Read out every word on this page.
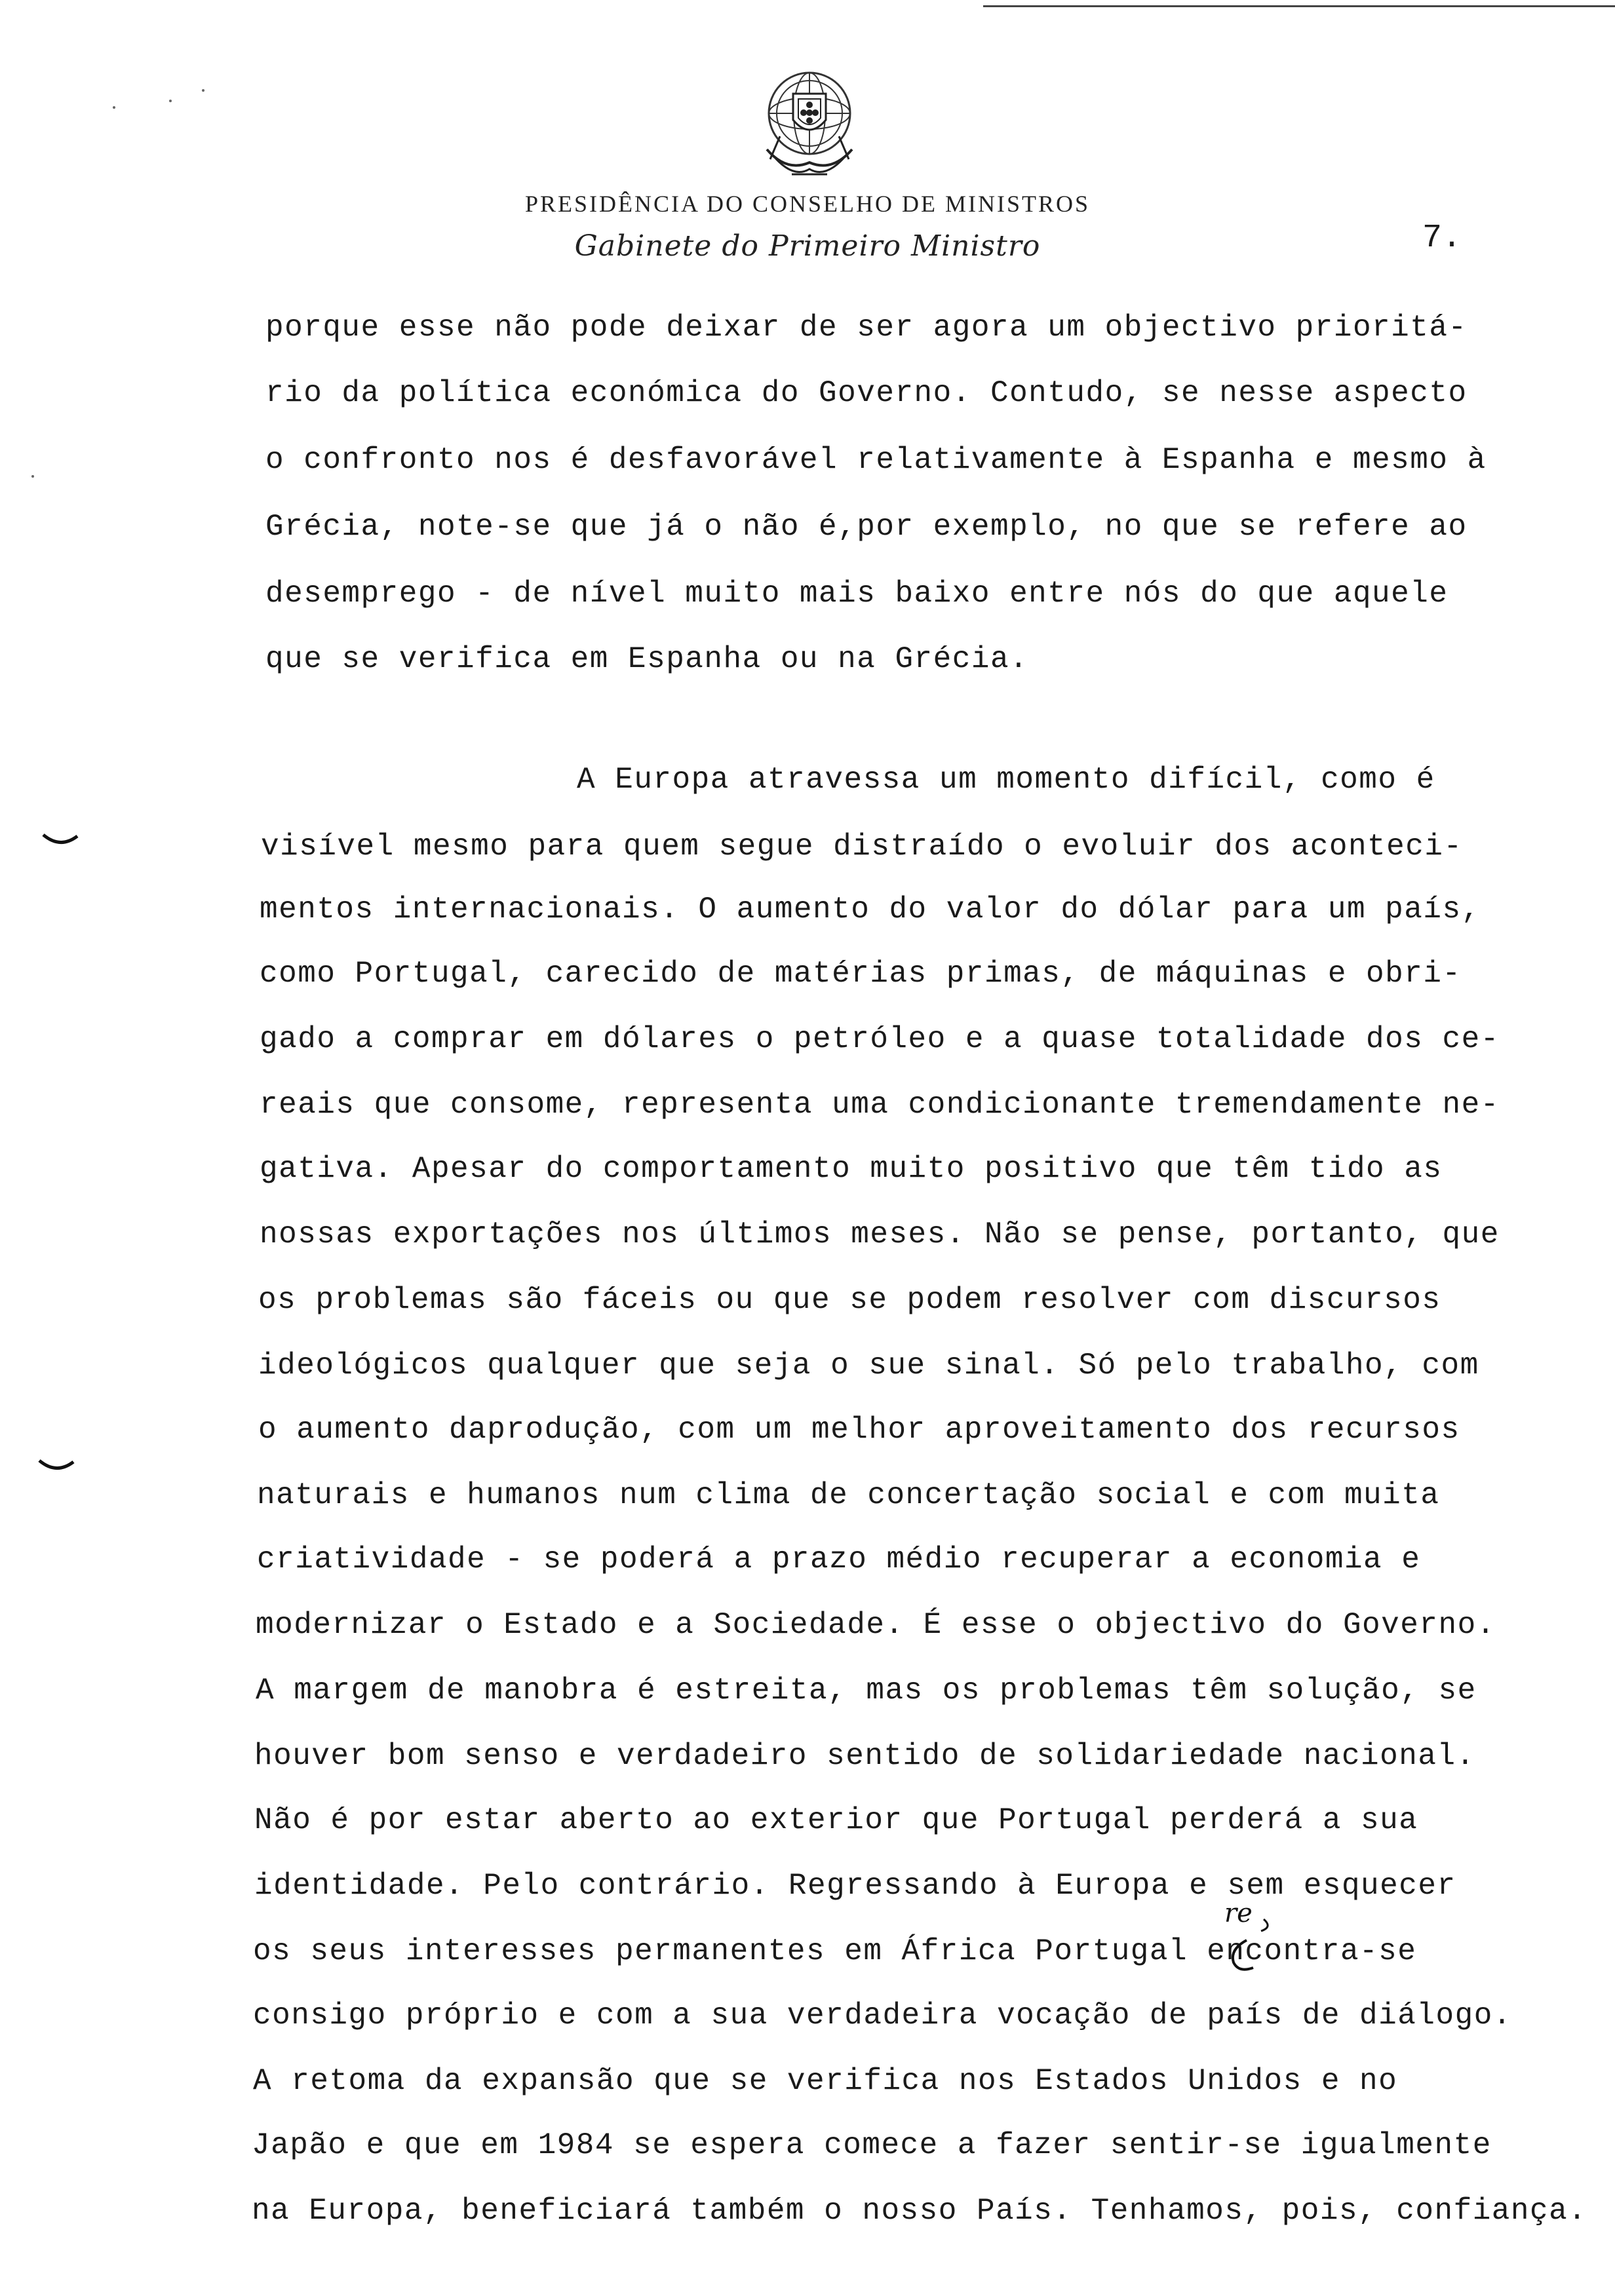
PRESIDÊNCIA DO CONSELHO DE MINISTROS
Gabinete do Primeiro Ministro	7.
porque esse não pode deixar de ser agora um objectivo prioritá-
rio da política económica do Governo. Contudo, se nesse aspecto
o confronto nos é desfavorável relativamente à Espanha e mesmo à
Grécia, note-se que já o não é,por exemplo, no que se refere ao
desemprego - de nível muito mais baixo entre nós do que aquele
que se verifica em Espanha ou na Grécia.
A Europa atravessa um momento difícil, como é
visível mesmo para quem segue distraído o evoluir dos aconteci-
mentos internacionais. O aumento do valor do dólar para um país,
como Portugal, carecido de matérias primas, de máquinas e obri-
gado a comprar em dólares o petróleo e a quase totalidade dos ce-
reais que consome, representa uma condicionante tremendamente ne-
gativa. Apesar do comportamento muito positivo que têm tido as
nossas exportações nos últimos meses. Não se pense, portanto, que
os problemas são fáceis ou que se podem resolver com discursos
ideológicos qualquer que seja o sue sinal. Só pelo trabalho, com
o aumento daprodução, com um melhor aproveitamento dos recursos
naturais e humanos num clima de concertação social e com muita
criatividade - se poderá a prazo médio recuperar a economia e
modernizar o Estado e a Sociedade. É esse o objectivo do Governo.
A margem de manobra é estreita, mas os problemas têm solução, se
houver bom senso e verdadeiro sentido de solidariedade nacional.
Não é por estar aberto ao exterior que Portugal perderá a sua
identidade. Pelo contrário. Regressando à Europa e sem esquecer
os seus interesses permanentes em África Portugal encontra-se
consigo próprio e com a sua verdadeira vocação de país de diálogo.
A retoma da expansão que se verifica nos Estados Unidos e no
Japão e que em 1984 se espera comece a fazer sentir-se igualmente
na Europa, beneficiará também o nosso País. Tenhamos, pois, confiança.
re
